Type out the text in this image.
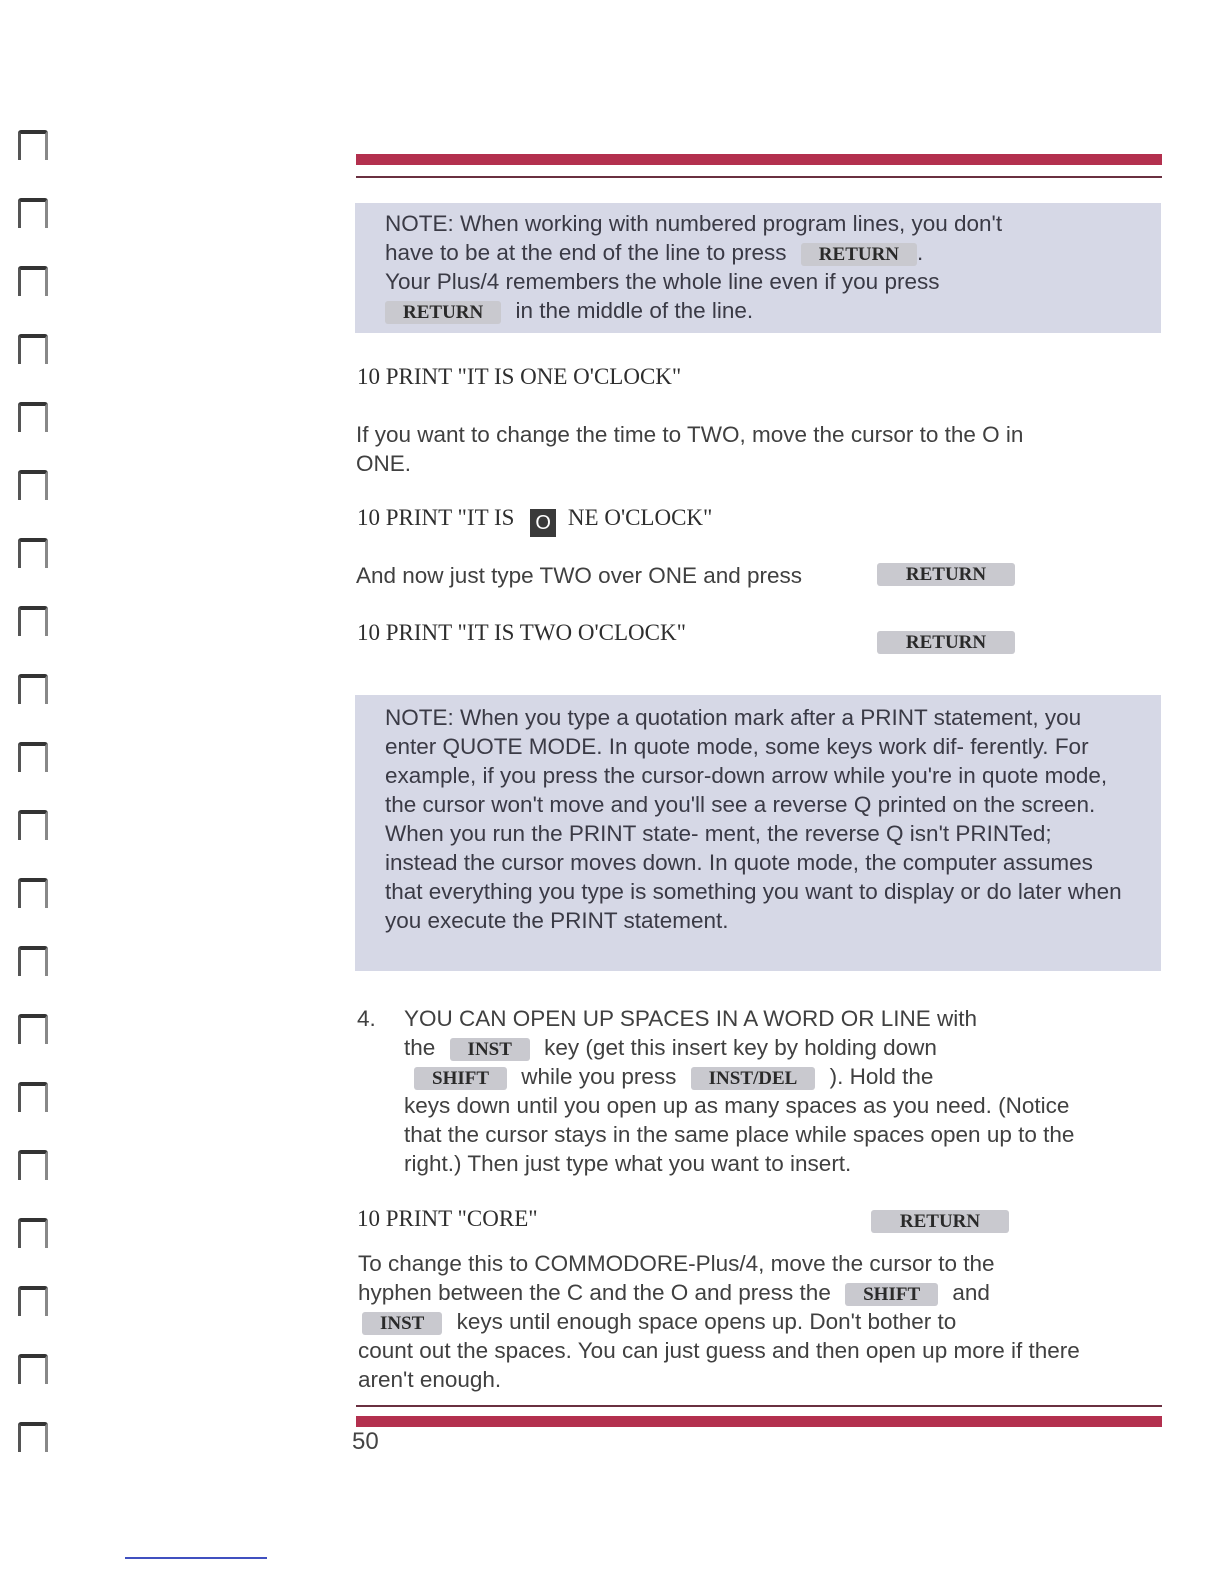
NOTE: When working with numbered program lines, you don't
have to be at the end of the line to press RETURN .
Your Plus/4 remembers the whole line even if you press
RETURN in the middle of the line.
10 PRINT "IT IS ONE O'CLOCK"
If you want to change the time to TWO, move the cursor to the O in ONE.
10 PRINT "IT IS O NE O'CLOCK"
And now just type TWO over ONE and press	RETURN
10 PRINT "IT IS TWO O'CLOCK"	RETURN
NOTE: When you type a quotation mark after a PRINT statement, you enter QUOTE MODE. In quote mode, some keys work dif- ferently. For example, if you press the cursor-down arrow while you're in quote mode, the cursor won't move and you'll see a reverse Q printed on the screen. When you run the PRINT state- ment, the reverse Q isn't PRINTed; instead the cursor moves down. In quote mode, the computer assumes that everything you type is something you want to display or do later when you execute the PRINT statement.
4. YOU CAN OPEN UP SPACES IN A WORD OR LINE with
the INST key (get this insert key by holding down
SHIFT while you press INST/DEL ). Hold the
keys down until you open up as many spaces as you need. (Notice that the cursor stays in the same place while spaces open up to the right.) Then just type what you want to insert.
10 PRINT "CORE"	RETURN
To change this to COMMODORE-Plus/4, move the cursor to the
hyphen between the C and the O and press the SHIFT and
INST keys until enough space opens up. Don't bother to
count out the spaces. You can just guess and then open up more if there aren't enough.
50
